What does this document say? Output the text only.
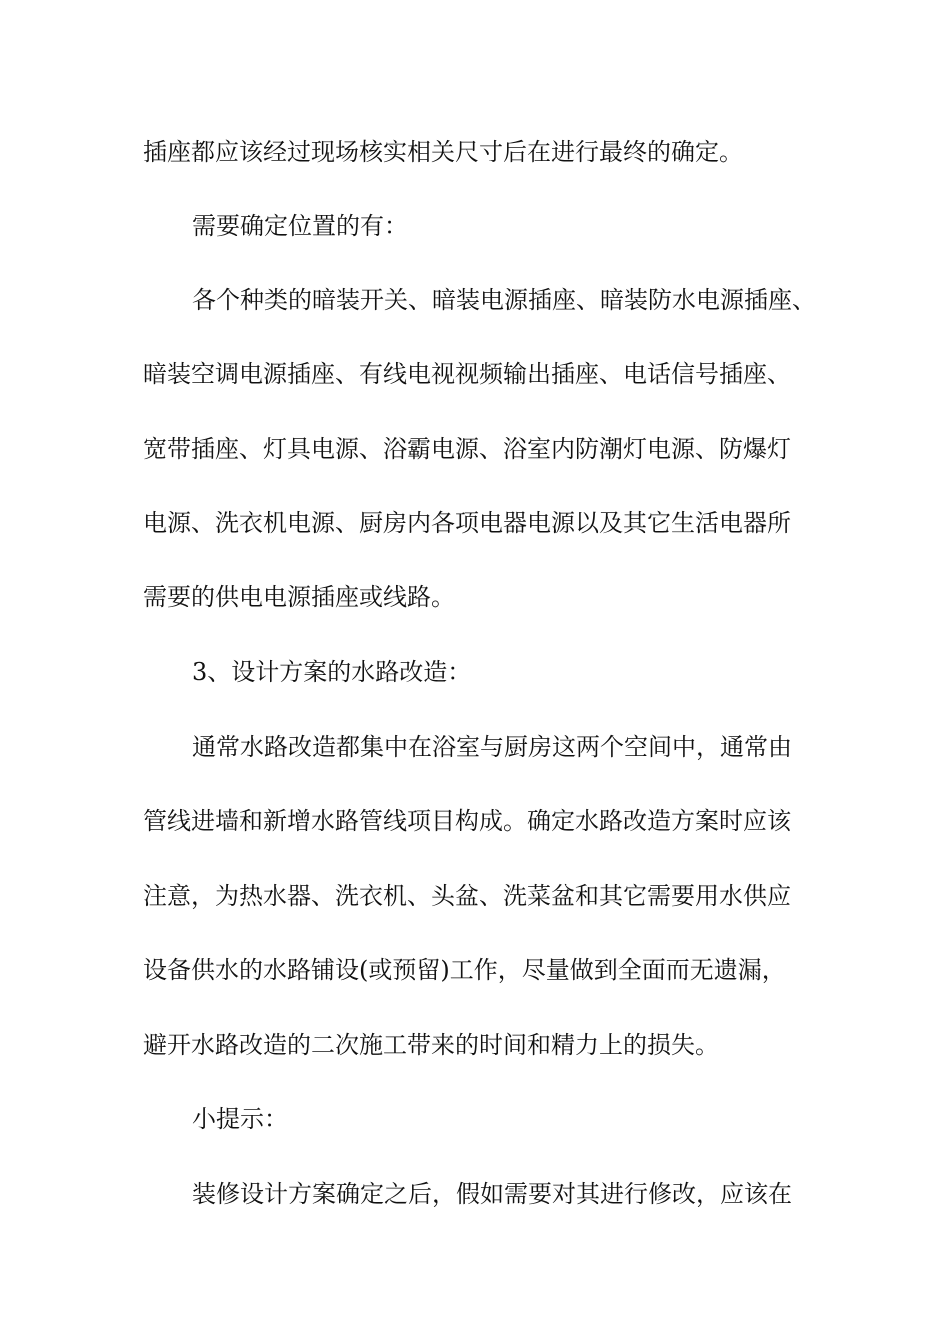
插座都应该经过现场核实相关尺寸后在进行最终的确定。
需要确定位置的有：
各个种类的暗装开关、暗装电源插座、暗装防水电源插座、
暗装空调电源插座、有线电视视频输出插座、电话信号插座、
宽带插座、灯具电源、浴霸电源、浴室内防潮灯电源、防爆灯
电源、洗衣机电源、厨房内各项电器电源以及其它生活电器所
需要的供电电源插座或线路。
3、设计方案的水路改造：
通常水路改造都集中在浴室与厨房这两个空间中，通常由
管线进墙和新增水路管线项目构成。确定水路改造方案时应该
注意，为热水器、洗衣机、头盆、洗菜盆和其它需要用水供应
设备供水的水路铺设(或预留)工作，尽量做到全面而无遗漏，
避开水路改造的二次施工带来的时间和精力上的损失。
小提示：
装修设计方案确定之后，假如需要对其进行修改，应该在
